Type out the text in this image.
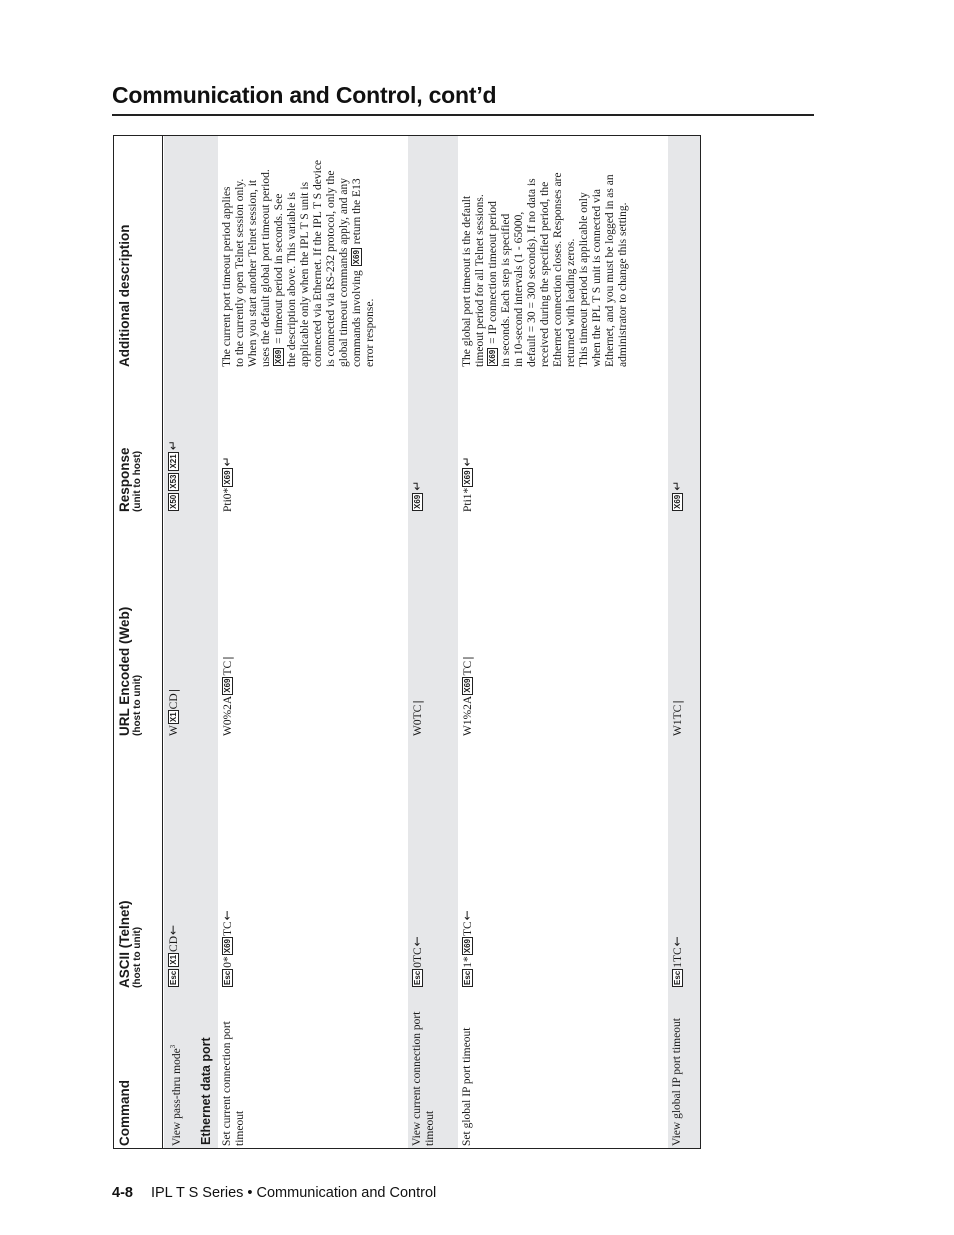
Communication and Control, cont’d
Command
ASCII (Telnet) (host to unit)
URL Encoded (Web) (host to unit)
Response (unit to host)
Additional description
View pass-thru mode$^3$
EscX1CD←
WX1CD|
X50X53X21↵
Ethernet data port Set current connection port timeout
Esc0*X69TC←
W0%2AX69TC|
Pti0*X69↵
The current port timeout period applies
to the currently open Telnet session only.
When you start another Telnet session, it
uses the default global port timeout period.
X69 = timeout period in seconds. See
the description above. This variable is
applicable only when the IPL T S unit is
connected via Ethernet. If the IPL T S device
is connected via RS-232 protocol, only the
global timeout commands apply, and any
commands involving X69 return the E13
error response.
View current connection port timeout
Esc0TC←
W0TC|
X69↵
Set global IP port timeout
Esc1*X69TC←
W1%2AX69TC|
Pti1*X69↵
The global port timeout is the default
timeout period for all Telnet sessions.
X69 = IP connection timeout period
in seconds. Each step is specified
in 10-second intervals (1 - 65000,
default = 30 = 300 seconds). If no data is
received during the specified period, the
Ethernet connection closes. Responses are
returned with leading zeros.
This timeout period is applicable only
when the IPL T S unit is connected via
Ethernet, and you must be logged in as an
administrator to change this setting.
View global IP port timeout
Esc1TC←
W1TC|
X69↵
4-8 IPL T S Series • Communication and Control
